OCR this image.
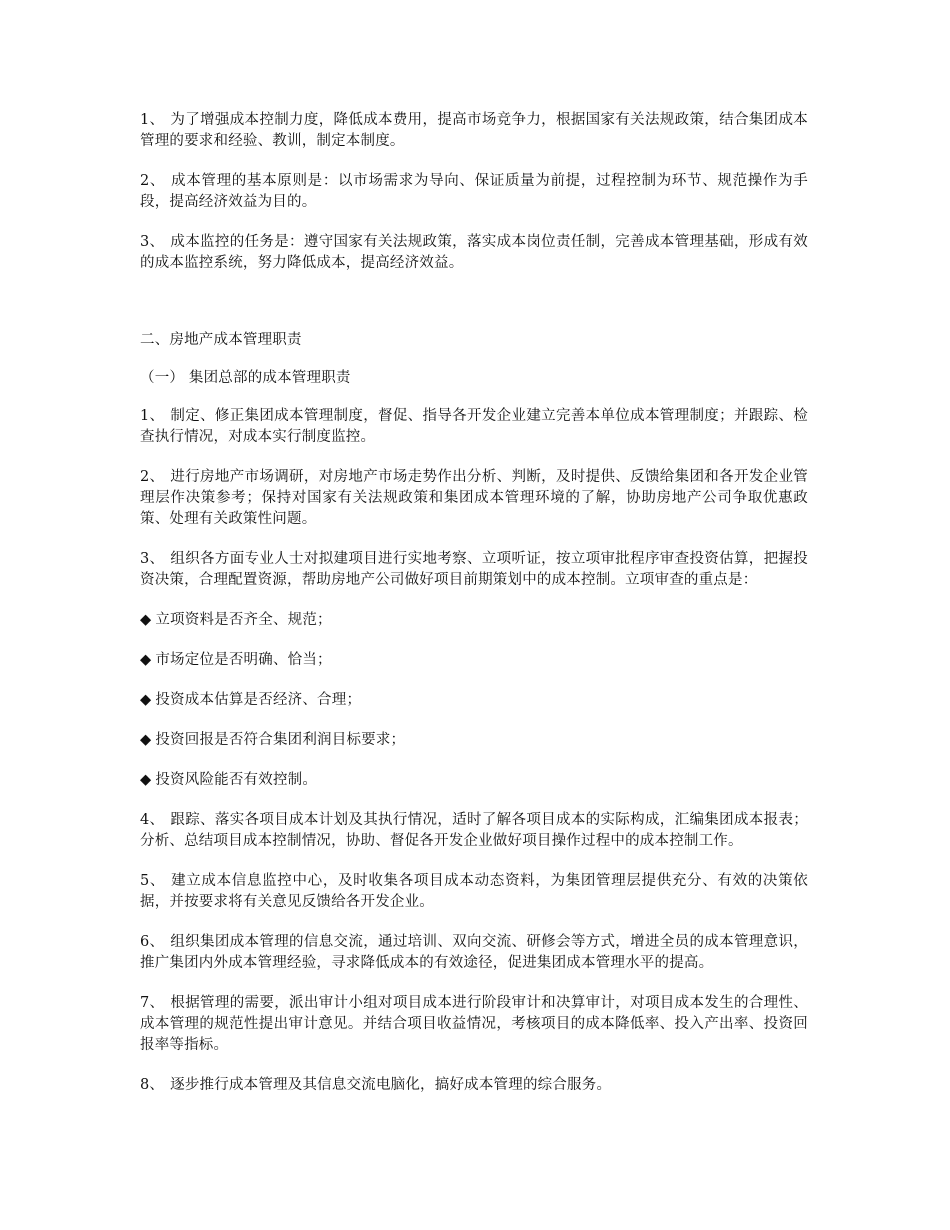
1、 为了增强成本控制力度，降低成本费用，提高市场竞争力，根据国家有关法规政策，结合集团成本管理的要求和经验、教训，制定本制度。

2、 成本管理的基本原则是：以市场需求为导向、保证质量为前提，过程控制为环节、规范操作为手段，提高经济效益为目的。

3、 成本监控的任务是：遵守国家有关法规政策，落实成本岗位责任制，完善成本管理基础，形成有效的成本监控系统，努力降低成本，提高经济效益。

二、房地产成本管理职责

（一） 集团总部的成本管理职责

1、 制定、修正集团成本管理制度，督促、指导各开发企业建立完善本单位成本管理制度；并跟踪、检查执行情况，对成本实行制度监控。

2、 进行房地产市场调研，对房地产市场走势作出分析、判断，及时提供、反馈给集团和各开发企业管理层作决策参考；保持对国家有关法规政策和集团成本管理环境的了解，协助房地产公司争取优惠政策、处理有关政策性问题。

3、 组织各方面专业人士对拟建项目进行实地考察、立项听证，按立项审批程序审查投资估算，把握投资决策，合理配置资源，帮助房地产公司做好项目前期策划中的成本控制。立项审查的重点是：

◆ 立项资料是否齐全、规范；

◆ 市场定位是否明确、恰当；

◆ 投资成本估算是否经济、合理；

◆ 投资回报是否符合集团利润目标要求；

◆ 投资风险能否有效控制。

4、 跟踪、落实各项目成本计划及其执行情况，适时了解各项目成本的实际构成，汇编集团成本报表；分析、总结项目成本控制情况，协助、督促各开发企业做好项目操作过程中的成本控制工作。

5、 建立成本信息监控中心，及时收集各项目成本动态资料，为集团管理层提供充分、有效的决策依据，并按要求将有关意见反馈给各开发企业。

6、 组织集团成本管理的信息交流，通过培训、双向交流、研修会等方式，增进全员的成本管理意识，推广集团内外成本管理经验，寻求降低成本的有效途径，促进集团成本管理水平的提高。

7、 根据管理的需要，派出审计小组对项目成本进行阶段审计和决算审计，对项目成本发生的合理性、成本管理的规范性提出审计意见。并结合项目收益情况，考核项目的成本降低率、投入产出率、投资回报率等指标。

8、 逐步推行成本管理及其信息交流电脑化，搞好成本管理的综合服务。
